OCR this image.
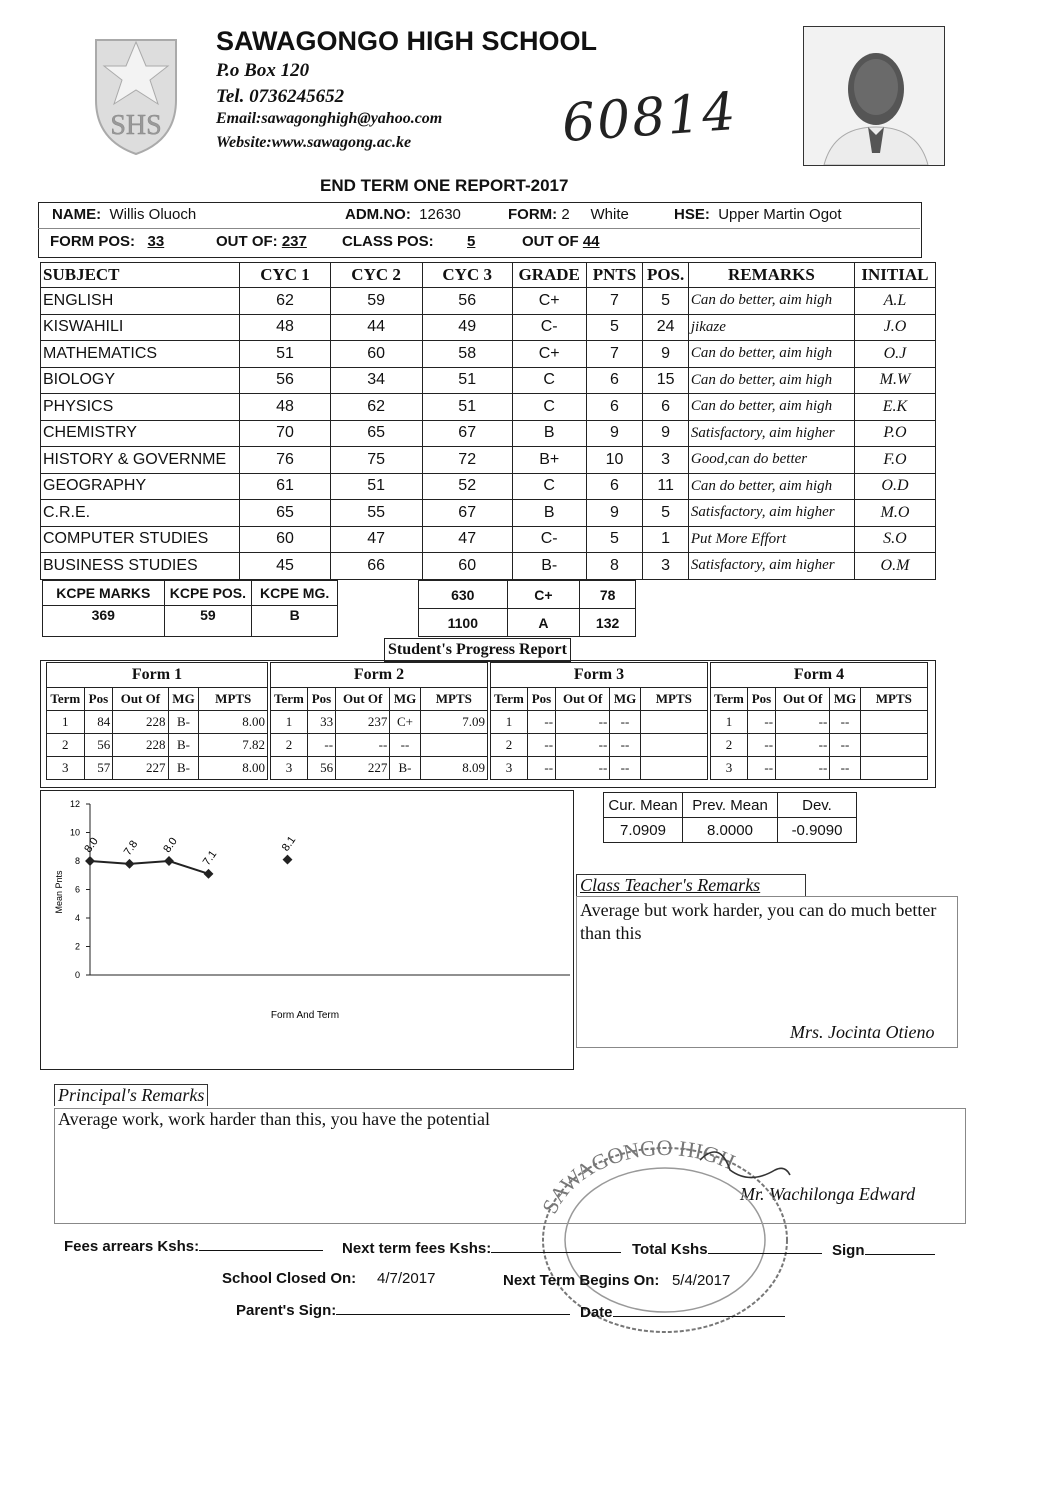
SHS
SAWAGONGO HIGH SCHOOL
P.o Box 120
Tel. 0736245652
Email:sawagonghigh@yahoo.com
Website:www.sawagong.ac.ke	60814
END TERM ONE REPORT-2017
NAME: Willis Oluoch	ADM.NO: 12630	FORM: 2 White	HSE: Upper Martin Ogot
FORM POS: 33	OUT OF: 237 CLASS POS: 5	OUT OF 44
SUBJECT	CYC 1	CYC 2	CYC 3	GRADE	PNTS	POS.	REMARKS	INITIAL
ENGLISH	62	59	56	C+	7	5	Can do better, aim high	A.L
KISWAHILI	48	44	49	C-	5	24	jikaze	J.O
MATHEMATICS	51	60	58	C+	7	9	Can do better, aim high	O.J
BIOLOGY	56	34	51	C	6	15	Can do better, aim high	M.W
PHYSICS	48	62	51	C	6	6	Can do better, aim high	E.K
CHEMISTRY	70	65	67	B	9	9	Satisfactory, aim higher	P.O
HISTORY & GOVERNME	76	75	72	B+	10	3	Good,can do better	F.O
GEOGRAPHY	61	51	52	C	6	11	Can do better, aim high	O.D
C.R.E.	65	55	67	B	9	5	Satisfactory, aim higher	M.O
COMPUTER STUDIES	60	47	47	C-	5	1	Put More Effort	S.O
BUSINESS STUDIES	45	66	60	B-	8	3	Satisfactory, aim higher	O.M
KCPE MARKS	KCPE POS.	KCPE MG.
369	59	B
630	C+	78
1100	A	132
Student's Progress Report
Form 1				
Term	Pos	Out Of	MG	MPTS
1	84	228	B-	8.00
2	56	228	B-	7.82
3	57	227	B-	8.00
Form 2				
Term	Pos	Out Of	MG	MPTS
1	33	237	C+	7.09
2	--	--	--	
3	56	227	B-	8.09
Form 3				
Term	Pos	Out Of	MG	MPTS
1	--	--	--	
2	--	--	--	
3	--	--	--	
Form 4				
Term	Pos	Out Of	MG	MPTS
1	--	--	--	
2	--	--	--	
3	--	--	--	
0
2
4
6
8
10
12
Mean Pnts
Form And Term
8.0 7.8 8.0
7.1
8.1
Cur. Mean	Prev. Mean	Dev.
7.0909	8.0000	-0.9090
Class Teacher's Remarks
Average but work harder, you can do much better than this
Mrs. Jocinta Otieno
Principal's Remarks
Average work, work harder than this, you have the potential
Mr. Wachilonga Edward
SAWAGONGO HIGH
Fees arrears Kshs:	Next term fees Kshs:	Total Kshs	Sign
School Closed On: 4/7/2017	Next Term Begins On: 5/4/2017
Parent's Sign:	Date
